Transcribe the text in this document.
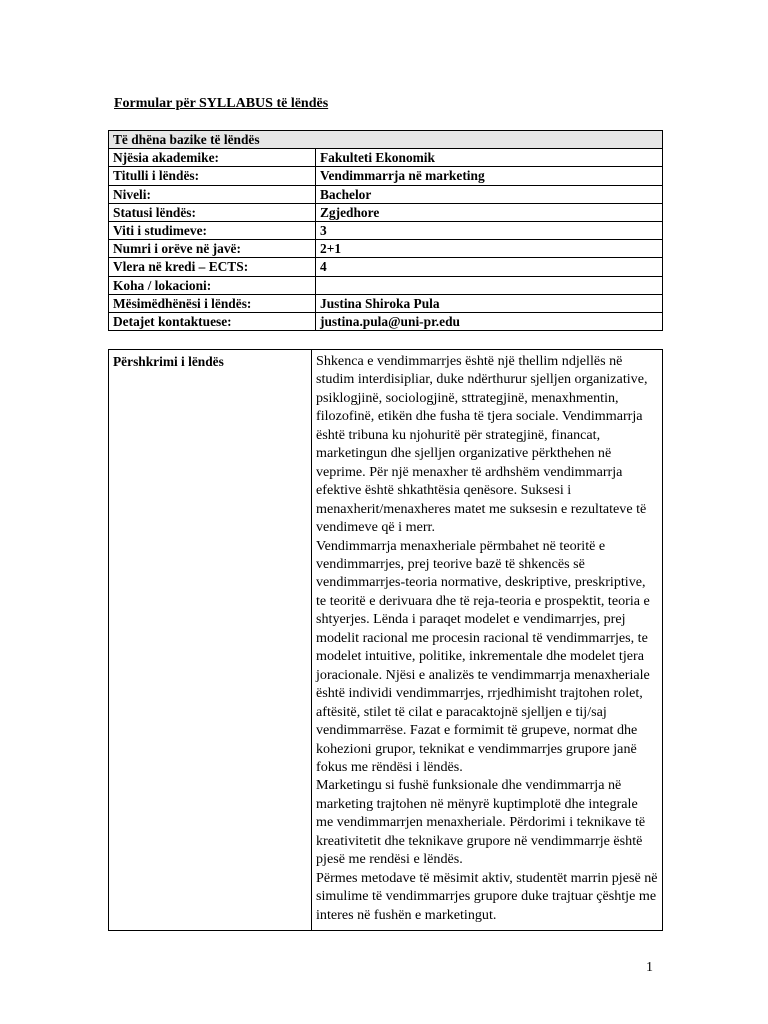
Formular për SYLLABUS të lëndës
Të dhëna bazike të lëndës	
Njësia akademike:	Fakulteti Ekonomik
Titulli i lëndës:	Vendimmarrja në marketing
Niveli:	Bachelor
Statusi lëndës:	Zgjedhore
Viti i studimeve:	3
Numri i orëve në javë:	2+1
Vlera në kredi – ECTS:	4
Koha / lokacioni:	
Mësimëdhënësi i lëndës:	Justina Shiroka Pula
Detajet kontaktuese:	justina.pula@uni-pr.edu
Përshkrimi i lëndës	Shkenca e vendimmarrjes është një thellim ndjellës në studim interdisipliar, duke ndërthurur sjelljen organizative, psiklogjinë, sociologjinë, sttrategjinë, menaxhmentin, filozofinë, etikën dhe fusha të tjera sociale. Vendimmarrja është tribuna ku njohuritë për strategjinë, financat, marketingun dhe sjelljen organizative përkthehen në veprime. Për një menaxher të ardhshëm vendimmarrja efektive është shkathtësia qenësore. Suksesi i menaxherit/menaxheres matet me suksesin e rezultateve të vendimeve që i merr.
Vendimmarrja menaxheriale përmbahet në teoritë e vendimmarrjes, prej teorive bazë të shkencës së vendimmarrjes-teoria normative, deskriptive, preskriptive, te teoritë e derivuara dhe të reja-teoria e prospektit, teoria e shtyerjes. Lënda i paraqet modelet e vendimarrjes, prej modelit racional me procesin racional të vendimmarrjes, te modelet intuitive, politike, inkrementale dhe modelet tjera joracionale. Njësi e analizës te vendimmarrja menaxheriale është individi vendimmarrjes, rrjedhimisht trajtohen rolet, aftësitë, stilet të cilat e paracaktojnë sjelljen e tij/saj vendimmarrëse. Fazat e formimit të grupeve, normat dhe kohezioni grupor, teknikat e vendimmarrjes grupore janë fokus me rëndësi i lëndës.
Marketingu si fushë funksionale dhe vendimmarrja në marketing trajtohen në mënyrë kuptimplotë dhe integrale me vendimmarrjen menaxheriale. Përdorimi i teknikave të kreativitetit dhe teknikave grupore në vendimmarrje është pjesë me rendësi e lëndës.
Përmes metodave të mësimit aktiv, studentët marrin pjesë në simulime të vendimmarrjes grupore duke trajtuar çështje me interes në fushën e marketingut.
1
